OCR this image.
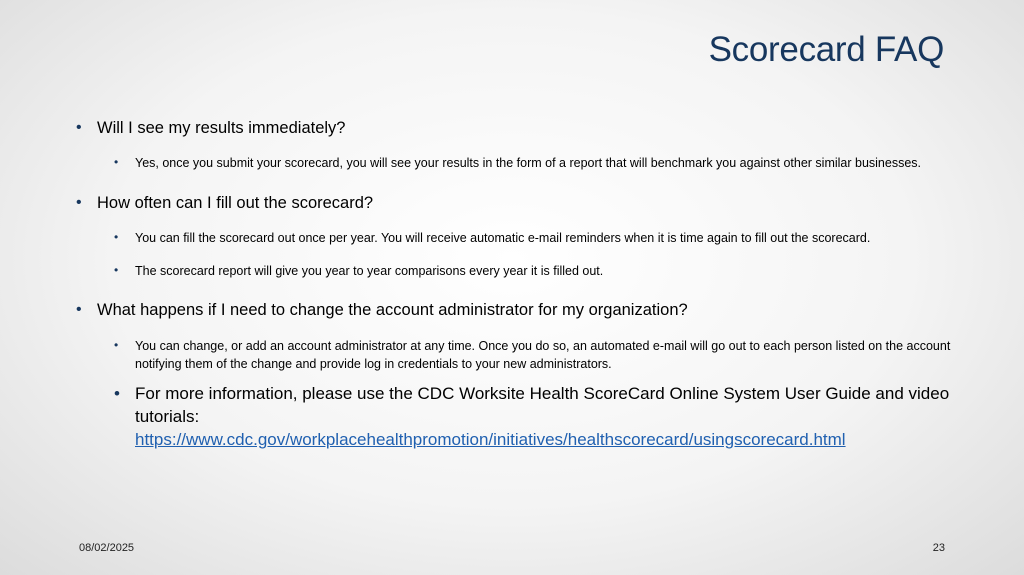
Scorecard FAQ
• Will I see my results immediately?
• Yes, once you submit your scorecard, you will see your results in the form of a report that will benchmark you against other similar businesses.
• How often can I fill out the scorecard?
• You can fill the scorecard out once per year. You will receive automatic e-mail reminders when it is time again to fill out the scorecard.
• The scorecard report will give you year to year comparisons every year it is filled out.
• What happens if I need to change the account administrator for my organization?
• You can change, or add an account administrator at any time. Once you do so, an automated e-mail will go out to each person listed on the account notifying them of the change and provide log in credentials to your new administrators.
• For more information, please use the CDC Worksite Health ScoreCard Online System User Guide and video tutorials:
https://www.cdc.gov/workplacehealthpromotion/initiatives/healthscorecard/usingscorecard.html
08/02/2025	23
